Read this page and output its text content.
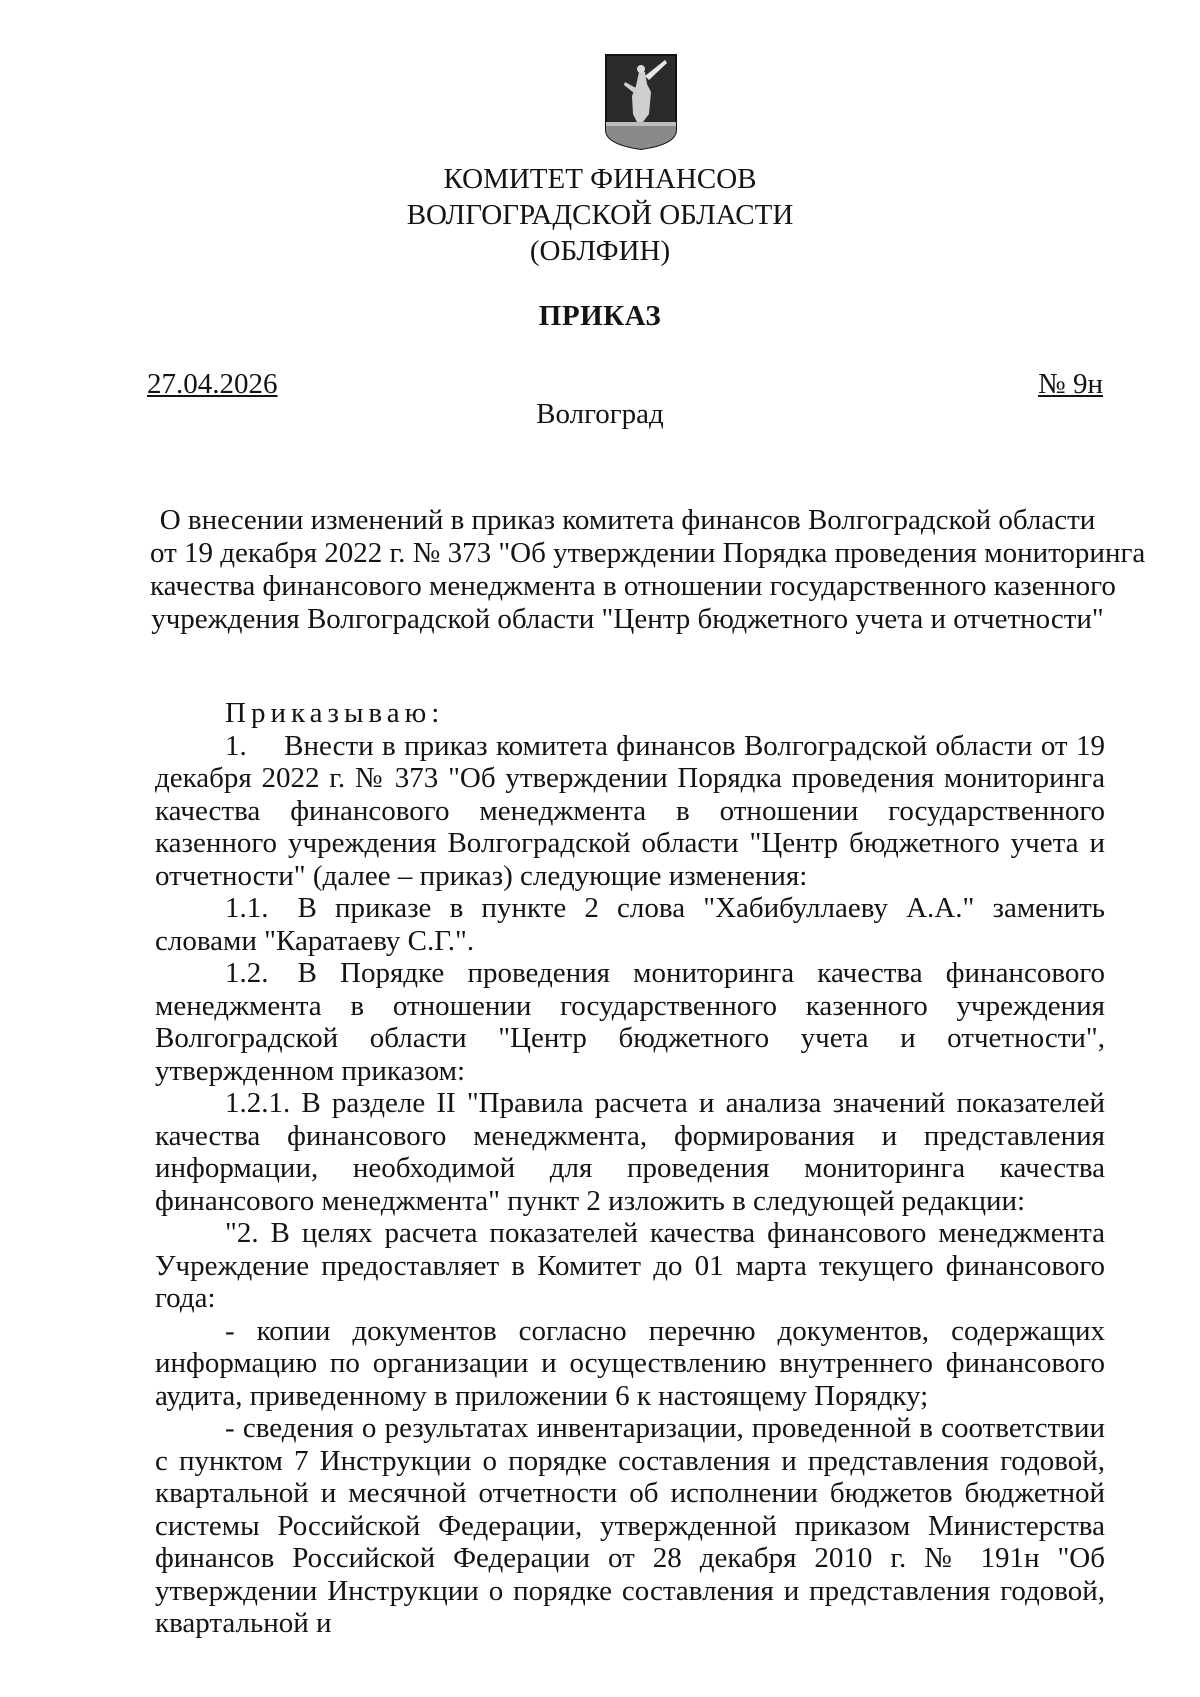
КОМИТЕТ ФИНАНСОВ
ВОЛГОГРАДСКОЙ ОБЛАСТИ
(ОБЛФИН)
ПРИКАЗ
27.04.2026	№ 9н
Волгоград
О внесении изменений в приказ комитета финансов Волгоградской области
от 19 декабря 2022 г. № 373 "Об утверждении Порядка проведения мониторинга
качества финансового менеджмента в отношении государственного казенного
учреждения Волгоградской области "Центр бюджетного учета и отчетности"

Приказываю:

1.  Внести в приказ комитета финансов Волгоградской области от 19 декабря 2022 г. № 373 "Об утверждении Порядка проведения мониторинга качества финансового менеджмента в отношении государственного казенного учреждения Волгоградской области "Центр бюджетного учета и отчетности" (далее – приказ) следующие изменения:

1.1. В приказе в пункте 2 слова "Хабибуллаеву А.А." заменить словами "Каратаеву С.Г.".

1.2. В Порядке проведения мониторинга качества финансового менеджмента в отношении государственного казенного учреждения Волгоградской области "Центр бюджетного учета и отчетности", утвержденном приказом:

1.2.1. В разделе II "Правила расчета и анализа значений показателей качества финансового менеджмента, формирования и представления информации, необходимой для проведения мониторинга качества финансового менеджмента" пункт 2 изложить в следующей редакции:

"2. В целях расчета показателей качества финансового менеджмента Учреждение предоставляет в Комитет до 01 марта текущего финансового года:

- копии документов согласно перечню документов, содержащих информацию по организации и осуществлению внутреннего финансового аудита, приведенному в приложении 6 к настоящему Порядку;

- сведения о результатах инвентаризации, проведенной в соответствии с пунктом 7 Инструкции о порядке составления и представления годовой, квартальной и месячной отчетности об исполнении бюджетов бюджетной системы Российской Федерации, утвержденной приказом Министерства финансов Российской Федерации от 28 декабря 2010 г. № 191н "Об утверждении Инструкции о порядке составления и представления годовой, квартальной и
